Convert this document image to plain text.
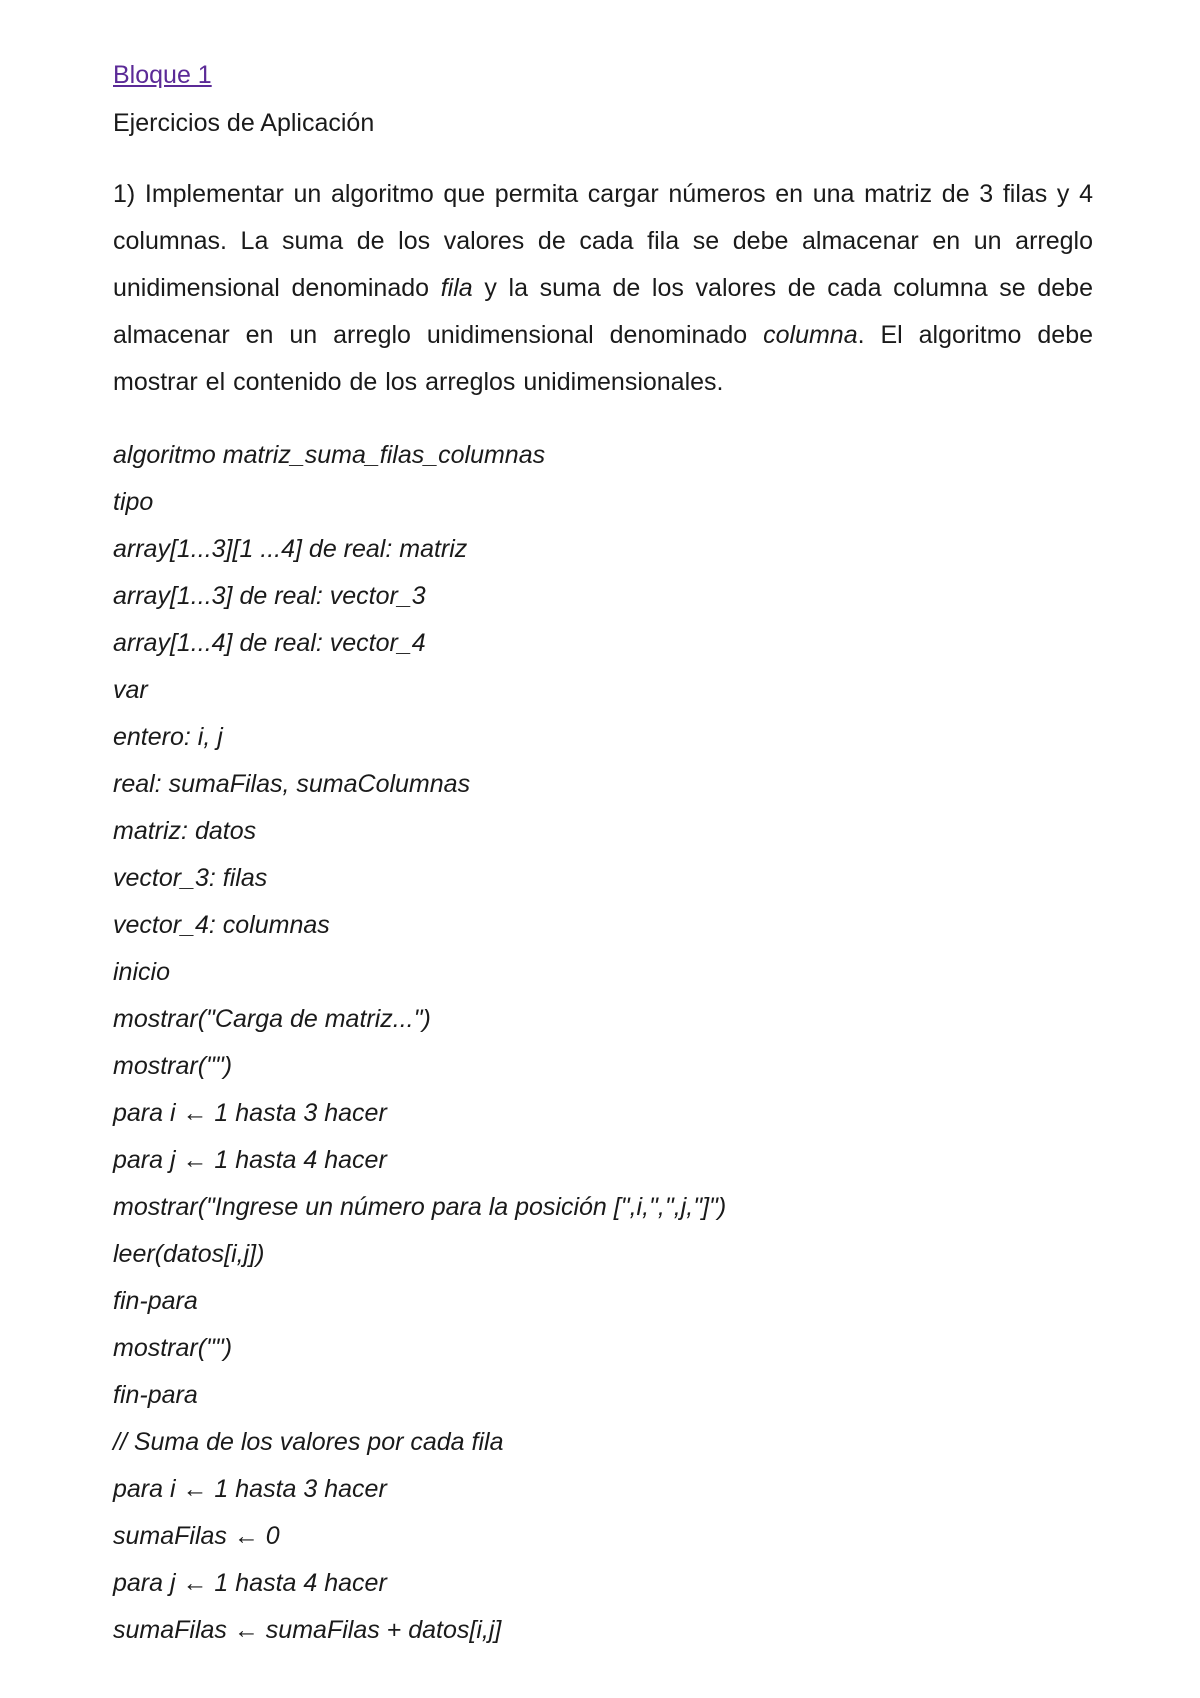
Bloque 1
Ejercicios de Aplicación

1) Implementar un algoritmo que permita cargar números en una matriz de 3 filas y 4 columnas. La suma de los valores de cada fila se debe almacenar en un arreglo unidimensional denominado fila y la suma de los valores de cada columna se debe almacenar en un arreglo unidimensional denominado columna. El algoritmo debe mostrar el contenido de los arreglos unidimensionales.

algoritmo matriz_suma_filas_columnas
tipo
array[1...3][1 ...4] de real: matriz
array[1...3] de real: vector_3
array[1...4] de real: vector_4
var
entero: i, j
real: sumaFilas, sumaColumnas
matriz: datos
vector_3: filas
vector_4: columnas
inicio
mostrar("Carga de matriz...")
mostrar("")
para i ← 1 hasta 3 hacer
para j ← 1 hasta 4 hacer
mostrar("Ingrese un número para la posición [",i,",",j,"]")
leer(datos[i,j])
fin-para
mostrar("")
fin-para
// Suma de los valores por cada fila
para i ← 1 hasta 3 hacer
sumaFilas ← 0
para j ← 1 hasta 4 hacer
sumaFilas ← sumaFilas + datos[i,j]
